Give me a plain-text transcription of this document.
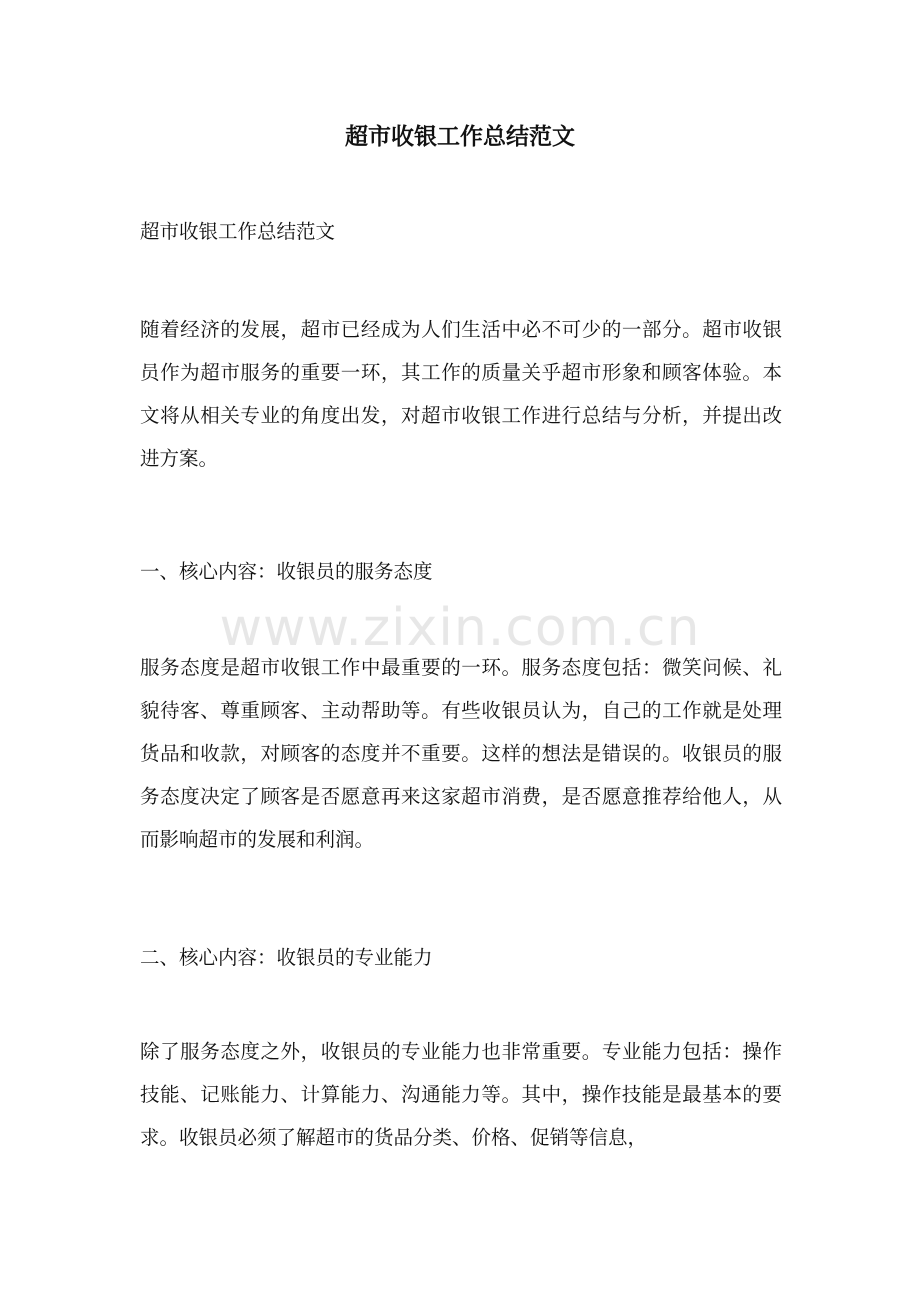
超市收银工作总结范文

超市收银工作总结范文

随着经济的发展，超市已经成为人们生活中必不可少的一部分。超市收银员作为超市服务的重要一环，其工作的质量关乎超市形象和顾客体验。本文将从相关专业的角度出发，对超市收银工作进行总结与分析，并提出改进方案。

一、核心内容：收银员的服务态度

www.zixin.com.cn

服务态度是超市收银工作中最重要的一环。服务态度包括：微笑问候、礼貌待客、尊重顾客、主动帮助等。有些收银员认为，自己的工作就是处理货品和收款，对顾客的态度并不重要。这样的想法是错误的。收银员的服务态度决定了顾客是否愿意再来这家超市消费，是否愿意推荐给他人，从而影响超市的发展和利润。

二、核心内容：收银员的专业能力

除了服务态度之外，收银员的专业能力也非常重要。专业能力包括：操作技能、记账能力、计算能力、沟通能力等。其中，操作技能是最基本的要求。收银员必须了解超市的货品分类、价格、促销等信息，
